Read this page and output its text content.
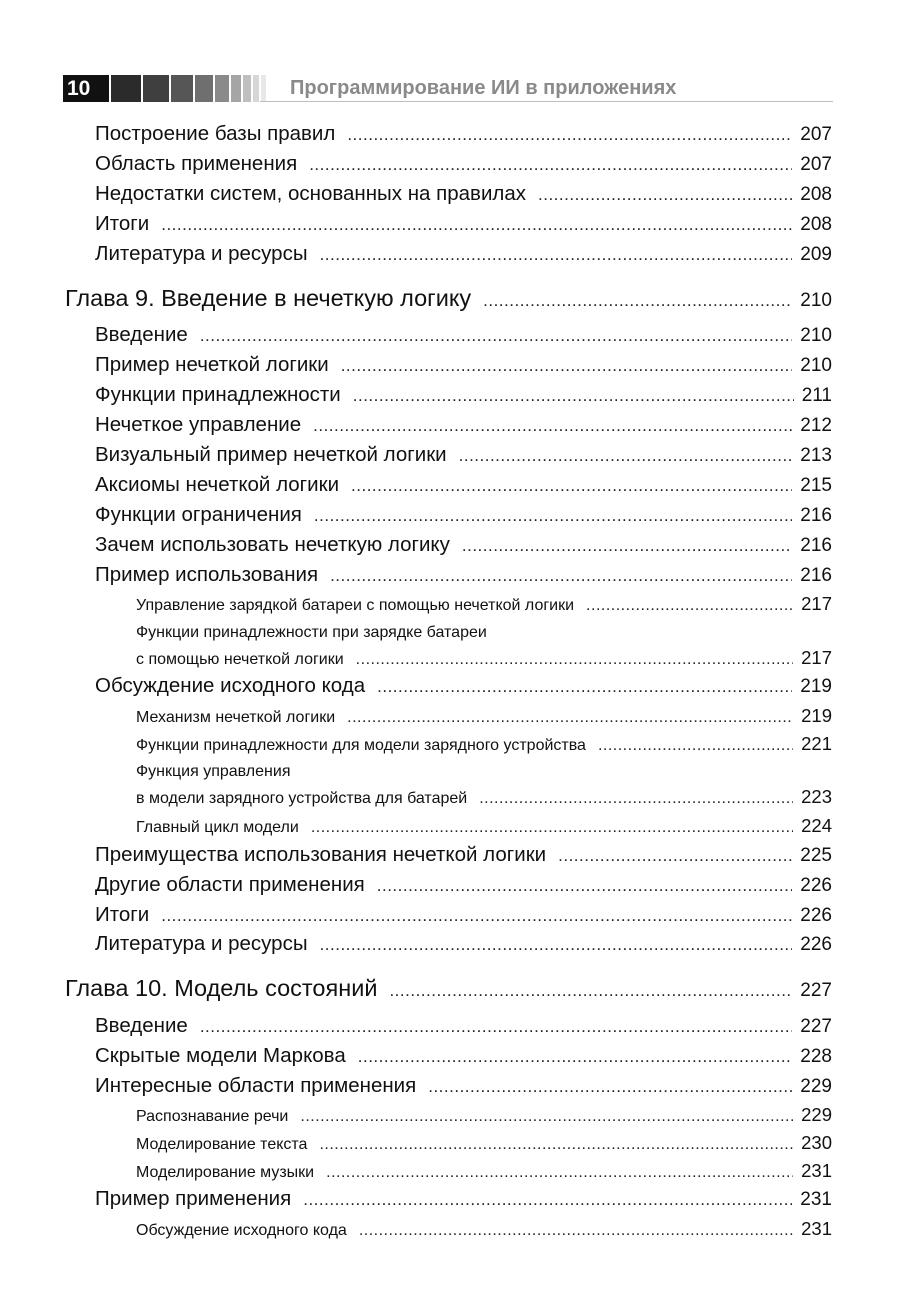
10	Программирование ИИ в приложениях
Построение базы правил .....	207
Область применения .....	207
Недостатки систем, основанных на правилах .....	208
Итоги .....	208
Литература и ресурсы .....	209
Глава 9. Введение в нечеткую логику .....	210
Введение .....	210
Пример нечеткой логики .....	210
Функции принадлежности .....	211
Нечеткое управление .....	212
Визуальный пример нечеткой логики .....	213
Аксиомы нечеткой логики .....	215
Функции ограничения .....	216
Зачем использовать нечеткую логику .....	216
Пример использования .....	216
Управление зарядкой батареи с помощью нечеткой логики .....	217
Функции принадлежности при зарядке батареи
с помощью нечеткой логики .....	217
Обсуждение исходного кода .....	219
Механизм нечеткой логики .....	219
Функции принадлежности для модели зарядного устройства .....	221
Функция управления
в модели зарядного устройства для батарей .....	223
Главный цикл модели .....	224
Преимущества использования нечеткой логики .....	225
Другие области применения .....	226
Итоги .....	226
Литература и ресурсы .....	226
Глава 10. Модель состояний .....	227
Введение .....	227
Скрытые модели Маркова .....	228
Интересные области применения .....	229
Распознавание речи .....	229
Моделирование текста .....	230
Моделирование музыки .....	231
Пример применения .....	231
Обсуждение исходного кода .....	231
